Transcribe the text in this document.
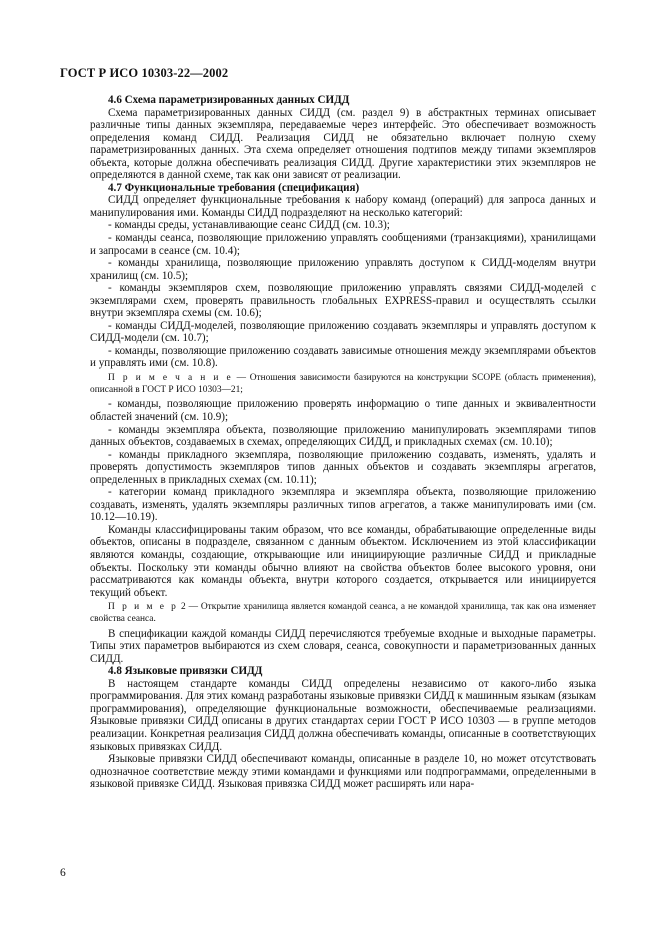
ГОСТ Р ИСО 10303-22—2002
4.6 Схема параметризированных данных СИДД

Схема параметризированных данных СИДД (см. раздел 9) в абстрактных терминах описывает различные типы данных экземпляра, передаваемые через интерфейс. Это обеспечивает возможность определения команд СИДД. Реализация СИДД не обязательно включает полную схему параметризированных данных. Эта схема определяет отношения подтипов между типами экземпляров объекта, которые должна обеспечивать реализация СИДД. Другие характеристики этих экземпляров не определяются в данной схеме, так как они зависят от реализации.

4.7 Функциональные требования (спецификация)

СИДД определяет функциональные требования к набору команд (операций) для запроса данных и манипулирования ими. Команды СИДД подразделяют на несколько категорий:

- команды среды, устанавливающие сеанс СИДД (см. 10.3);

- команды сеанса, позволяющие приложению управлять сообщениями (транзакциями), хранилищами и запросами в сеансе (см. 10.4);

- команды хранилища, позволяющие приложению управлять доступом к СИДД-моделям внутри хранилищ (см. 10.5);

- команды экземпляров схем, позволяющие приложению управлять связями СИДД-моделей с экземплярами схем, проверять правильность глобальных EXPRESS-правил и осуществлять ссылки внутри экземпляра схемы (см. 10.6);

- команды СИДД-моделей, позволяющие приложению создавать экземпляры и управлять доступом к СИДД-модели (см. 10.7);

- команды, позволяющие приложению создавать зависимые отношения между экземплярами объектов и управлять ими (см. 10.8).

П р и м е ч а н и е — Отношения зависимости базируются на конструкции SCOPE (область применения), описанной в ГОСТ Р ИСО 10303—21;

- команды, позволяющие приложению проверять информацию о типе данных и эквивалентности областей значений (см. 10.9);

- команды экземпляра объекта, позволяющие приложению манипулировать экземплярами типов данных объектов, создаваемых в схемах, определяющих СИДД, и прикладных схемах (см. 10.10);

- команды прикладного экземпляра, позволяющие приложению создавать, изменять, удалять и проверять допустимость экземпляров типов данных объектов и создавать экземпляры агрегатов, определенных в прикладных схемах (см. 10.11);

- категории команд прикладного экземпляра и экземпляра объекта, позволяющие приложению создавать, изменять, удалять экземпляры различных типов агрегатов, а также манипулировать ими (см. 10.12—10.19).

Команды классифицированы таким образом, что все команды, обрабатывающие определенные виды объектов, описаны в подразделе, связанном с данным объектом. Исключением из этой классификации являются команды, создающие, открывающие или инициирующие различные СИДД и прикладные объекты. Поскольку эти команды обычно влияют на свойства объектов более высокого уровня, они рассматриваются как команды объекта, внутри которого создается, открывается или инициируется текущий объект.

П р и м е р 2 — Открытие хранилища является командой сеанса, а не командой хранилища, так как она изменяет свойства сеанса.

В спецификации каждой команды СИДД перечисляются требуемые входные и выходные параметры. Типы этих параметров выбираются из схем словаря, сеанса, совокупности и параметризованных данных СИДД.

4.8 Языковые привязки СИДД

В настоящем стандарте команды СИДД определены независимо от какого-либо языка программирования. Для этих команд разработаны языковые привязки СИДД к машинным языкам (языкам программирования), определяющие функциональные возможности, обеспечиваемые реализациями. Языковые привязки СИДД описаны в других стандартах серии ГОСТ Р ИСО 10303 — в группе методов реализации. Конкретная реализация СИДД должна обеспечивать команды, описанные в соответствующих языковых привязках СИДД.

Языковые привязки СИДД обеспечивают команды, описанные в разделе 10, но может отсутствовать однозначное соответствие между этими командами и функциями или подпрограммами, определенными в языковой привязке СИДД. Языковая привязка СИДД может расширять или нара-

6
